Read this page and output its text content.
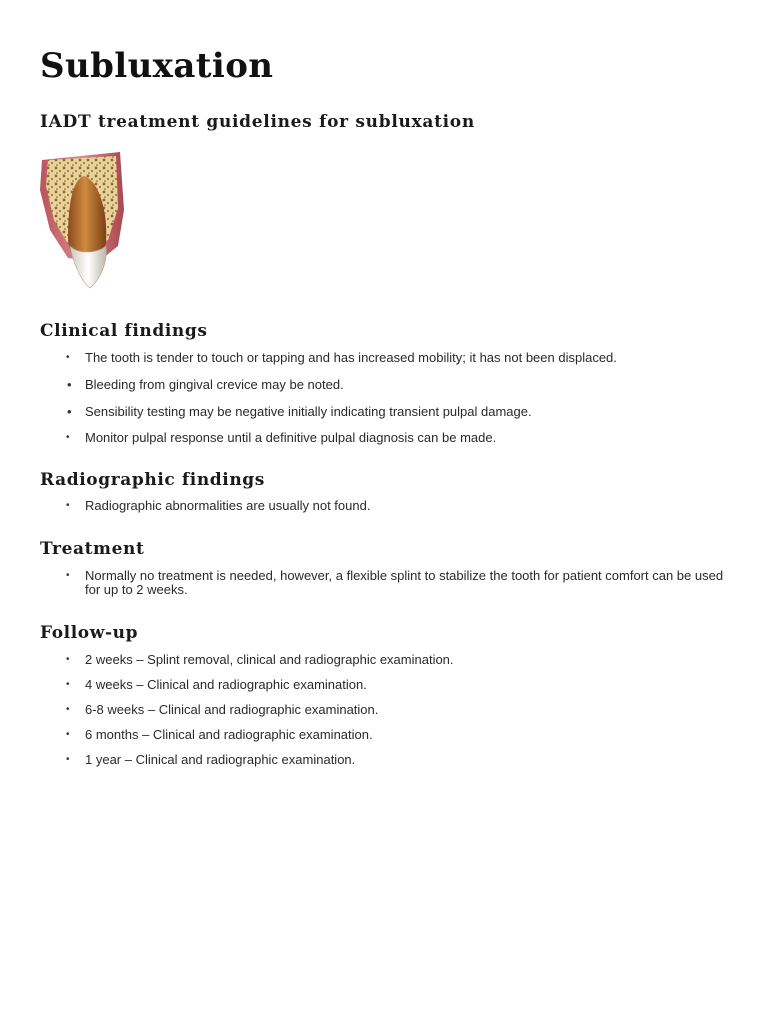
Subluxation
IADT treatment guidelines for subluxation
Clinical findings
• The tooth is tender to touch or tapping and has increased mobility; it has not been displaced.
• Bleeding from gingival crevice may be noted.
• Sensibility testing may be negative initially indicating transient pulpal damage.
• Monitor pulpal response until a definitive pulpal diagnosis can be made.
Radiographic findings
• Radiographic abnormalities are usually not found.
Treatment
• Normally no treatment is needed, however, a flexible splint to stabilize the tooth for patient comfort can be used for up to 2 weeks.
Follow-up
• 2 weeks – Splint removal, clinical and radiographic examination.
• 4 weeks – Clinical and radiographic examination.
• 6-8 weeks – Clinical and radiographic examination.
• 6 months – Clinical and radiographic examination.
• 1 year – Clinical and radiographic examination.
